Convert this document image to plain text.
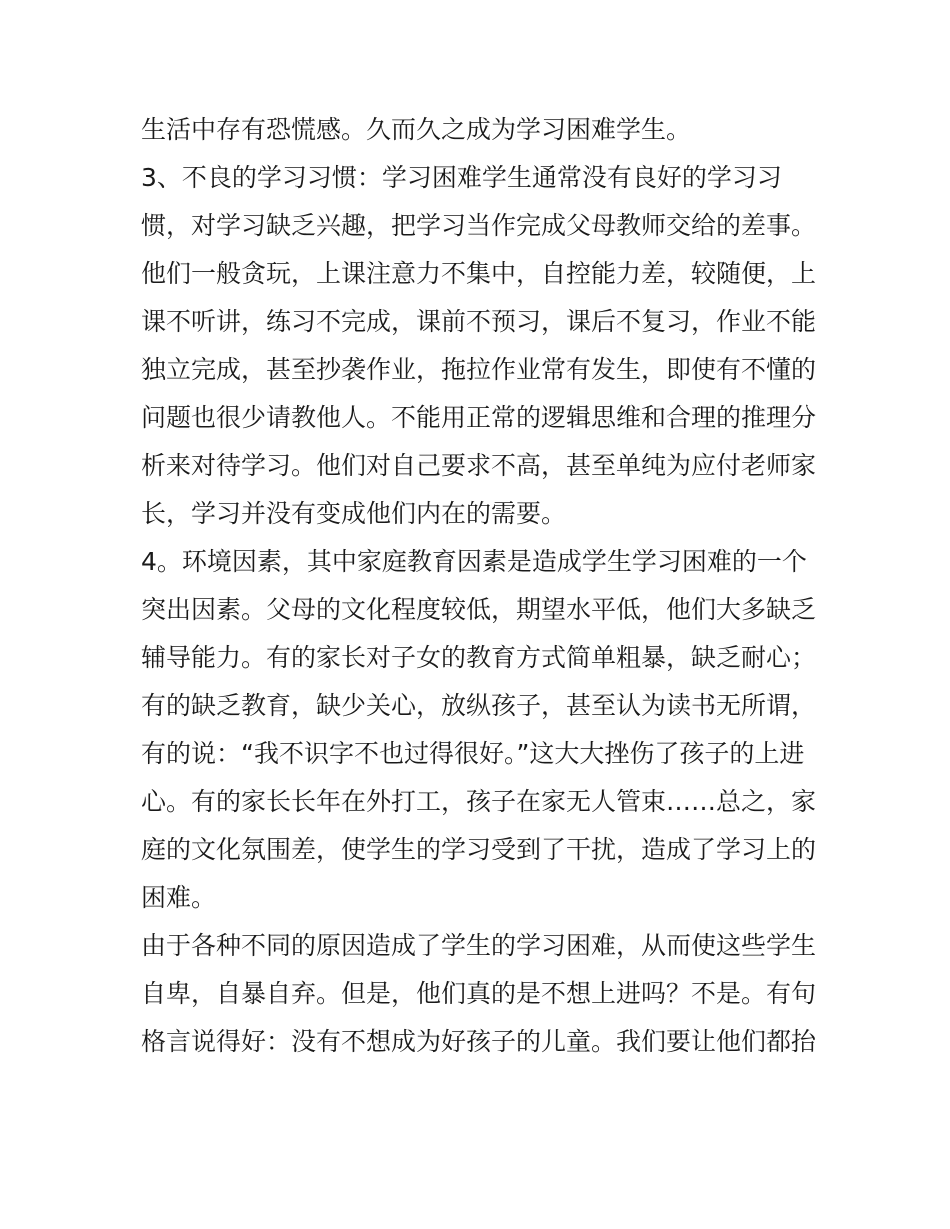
生活中存有恐慌感。久而久之成为学习困难学生。
3、不良的学习习惯：学习困难学生通常没有良好的学习习
惯，对学习缺乏兴趣，把学习当作完成父母教师交给的差事。
他们一般贪玩，上课注意力不集中，自控能力差，较随便，上
课不听讲，练习不完成，课前不预习，课后不复习，作业不能
独立完成，甚至抄袭作业，拖拉作业常有发生，即使有不懂的
问题也很少请教他人。不能用正常的逻辑思维和合理的推理分
析来对待学习。他们对自己要求不高，甚至单纯为应付老师家
长，学习并没有变成他们内在的需要。
4。环境因素，其中家庭教育因素是造成学生学习困难的一个
突出因素。父母的文化程度较低，期望水平低，他们大多缺乏
辅导能力。有的家长对子女的教育方式简单粗暴，缺乏耐心；
有的缺乏教育，缺少关心，放纵孩子，甚至认为读书无所谓，
有的说：“我不识字不也过得很好。”这大大挫伤了孩子的上进
心。有的家长长年在外打工，孩子在家无人管束……总之，家
庭的文化氛围差，使学生的学习受到了干扰，造成了学习上的
困难。
由于各种不同的原因造成了学生的学习困难，从而使这些学生
自卑，自暴自弃。但是，他们真的是不想上进吗？不是。有句
格言说得好：没有不想成为好孩子的儿童。我们要让他们都抬
